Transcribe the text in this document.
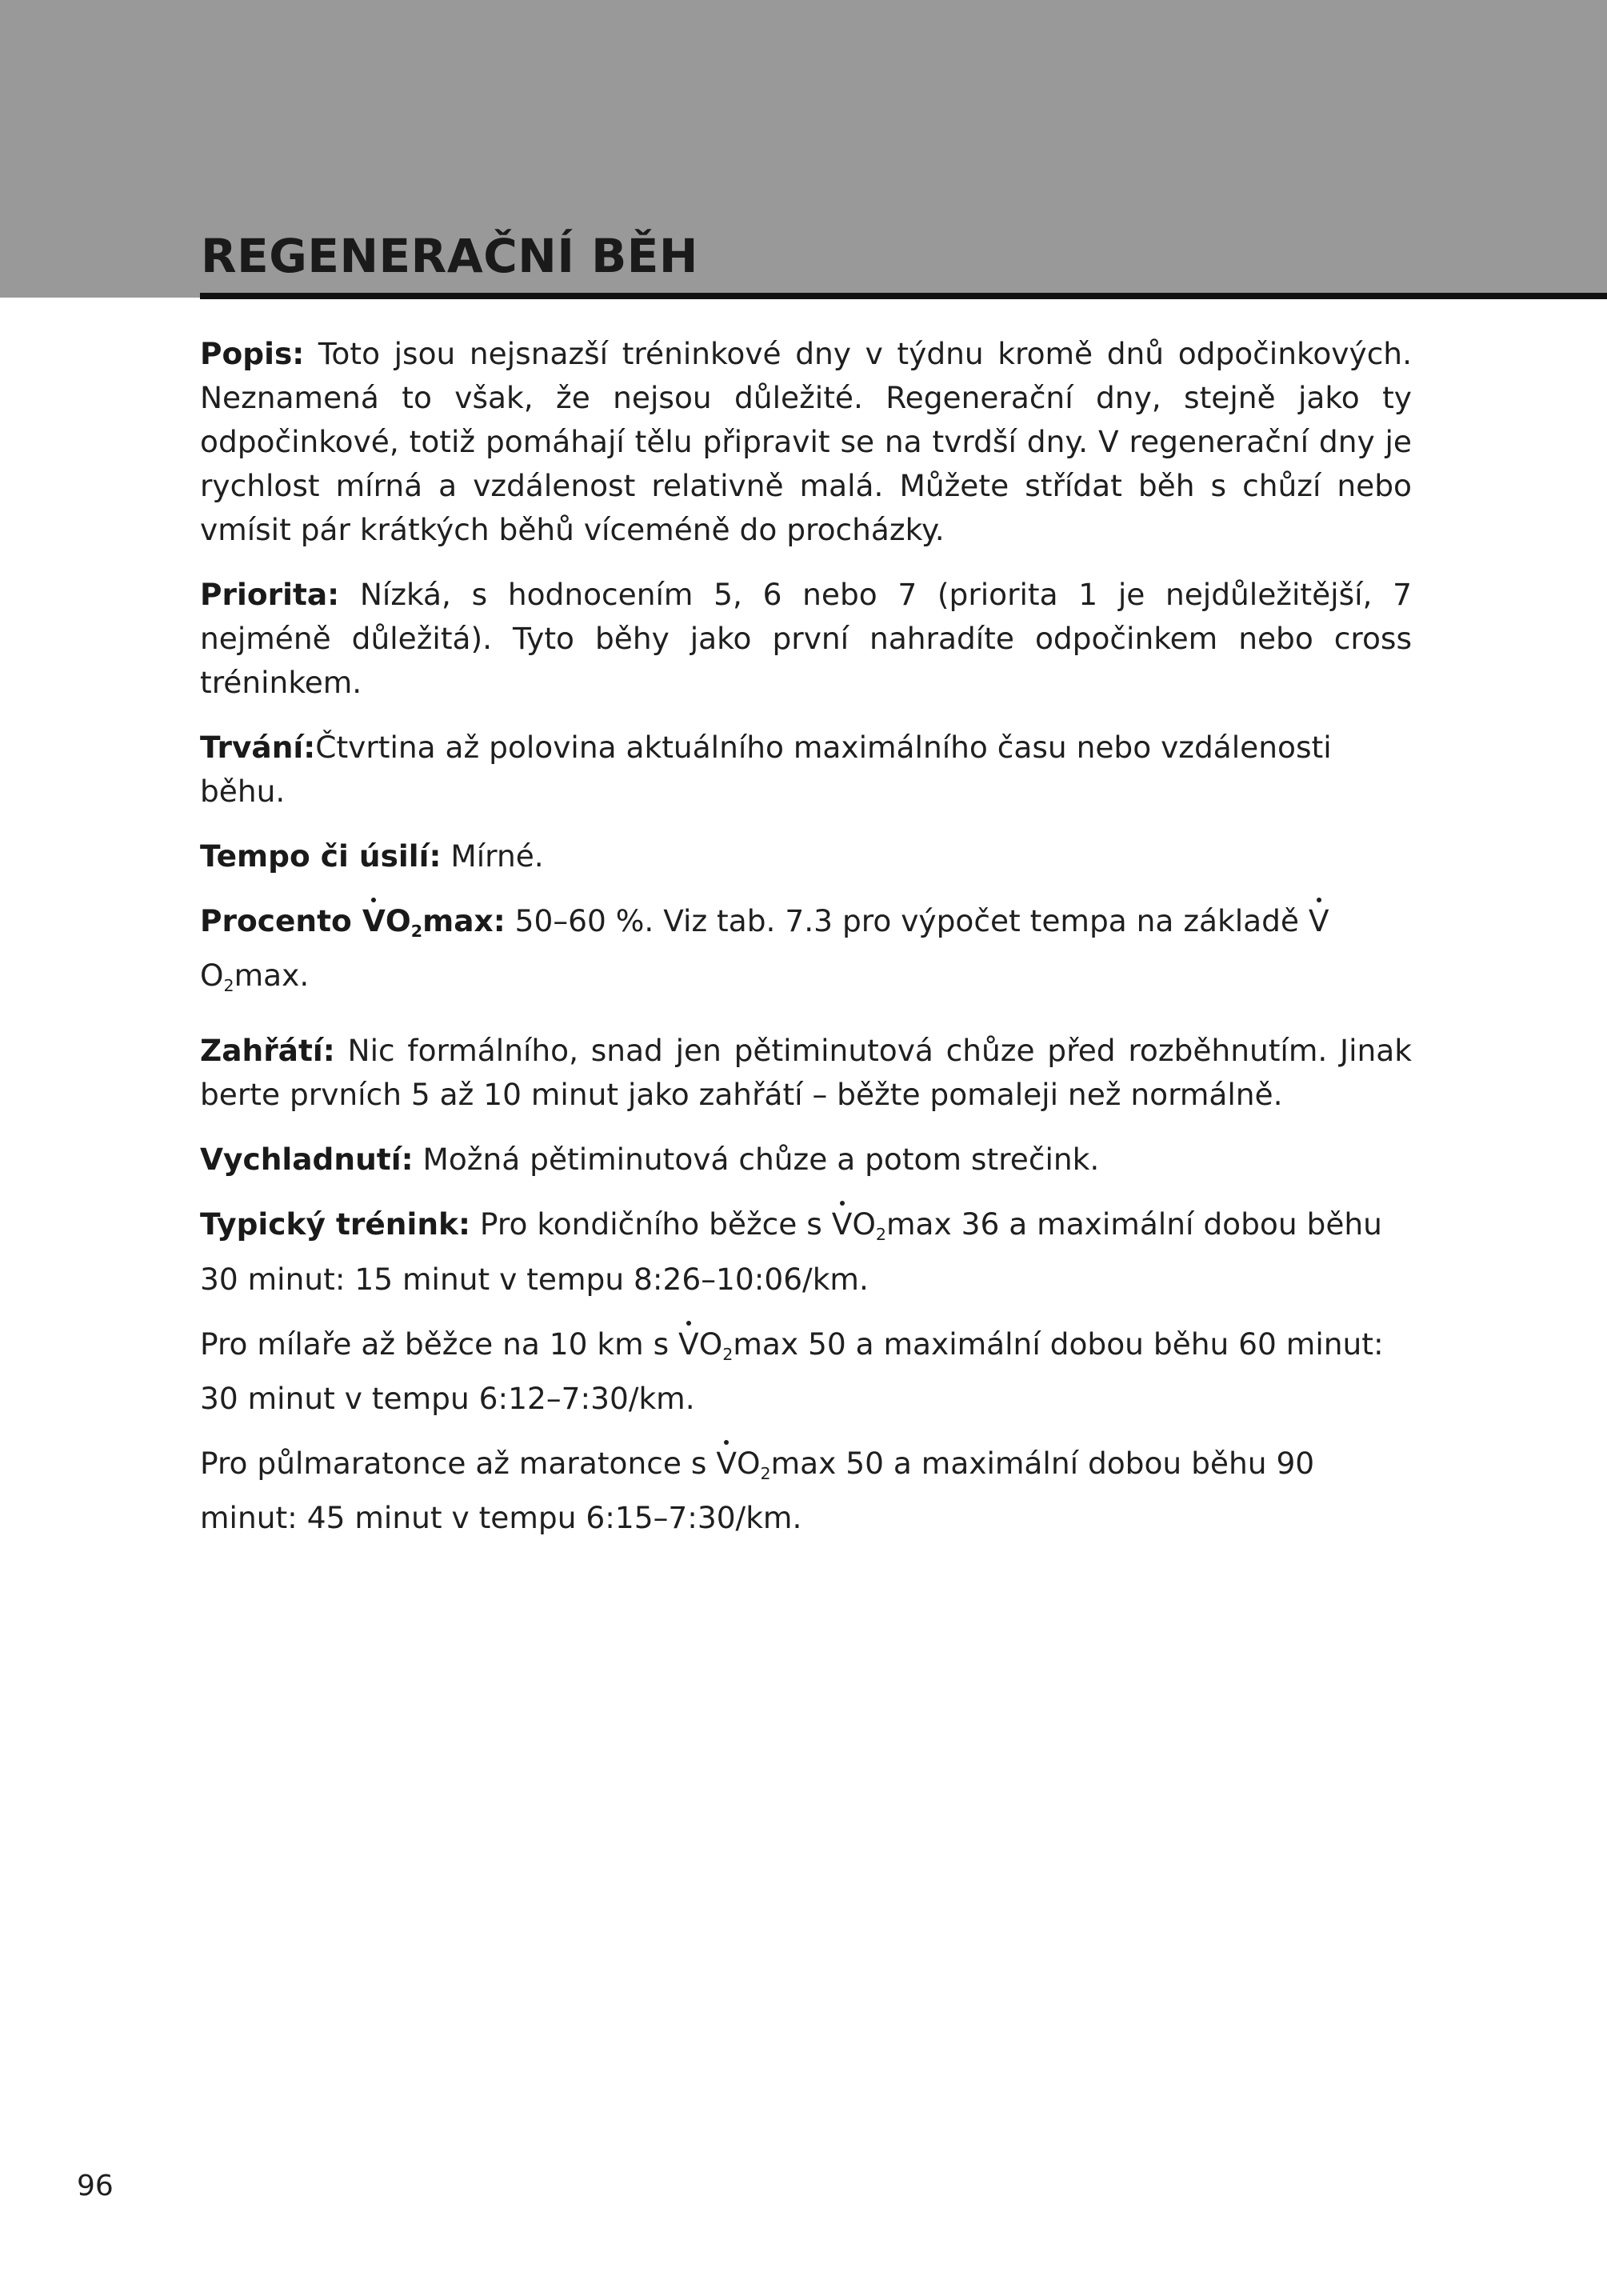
REGENERAČNÍ BĚH

Popis: Toto jsou nejsnazší tréninkové dny v týdnu kromě dnů odpočinkových. Neznamená to však, že nejsou důležité. Regenerační dny, stejně jako ty odpočinkové, totiž pomáhají tělu připravit se na tvrdší dny. V regenerační dny je rychlost mírná a vzdálenost relativně malá. Můžete střídat běh s chůzí nebo vmísit pár krátkých běhů víceméně do procházky.

Priorita: Nízká, s hodnocením 5, 6 nebo 7 (priorita 1 je nejdůležitější, 7 nejméně důležitá). Tyto běhy jako první nahradíte odpočinkem nebo cross tréninkem.

Trvání:Čtvrtina až polovina aktuálního maximálního času nebo vzdálenosti běhu.

Tempo či úsilí: Mírné.

Procento $VO_2\max$: 50–60 %. Viz tab. 7.3 pro výpočet tempa na základě $VO_2\max$.

Zahřátí: Nic formálního, snad jen pětiminutová chůze před rozběhnutím. Jinak berte prvních 5 až 10 minut jako zahřátí – běžte pomaleji než normálně.

Vychladnutí: Možná pětiminutová chůze a potom strečink.

Typický trénink: Pro kondičního běžce s $VO_2\max$ 36 a maximální dobou běhu 30 minut: 15 minut v tempu 8:26–10:06/km.

Pro mílaře až běžce na 10 km s $VO_2\max$ 50 a maximální dobou běhu 60 minut: 30 minut v tempu 6:12–7:30/km.

Pro půlmaratonce až maratonce s $VO_2\max$ 50 a maximální dobou běhu 90 minut: 45 minut v tempu 6:15–7:30/km.

96
